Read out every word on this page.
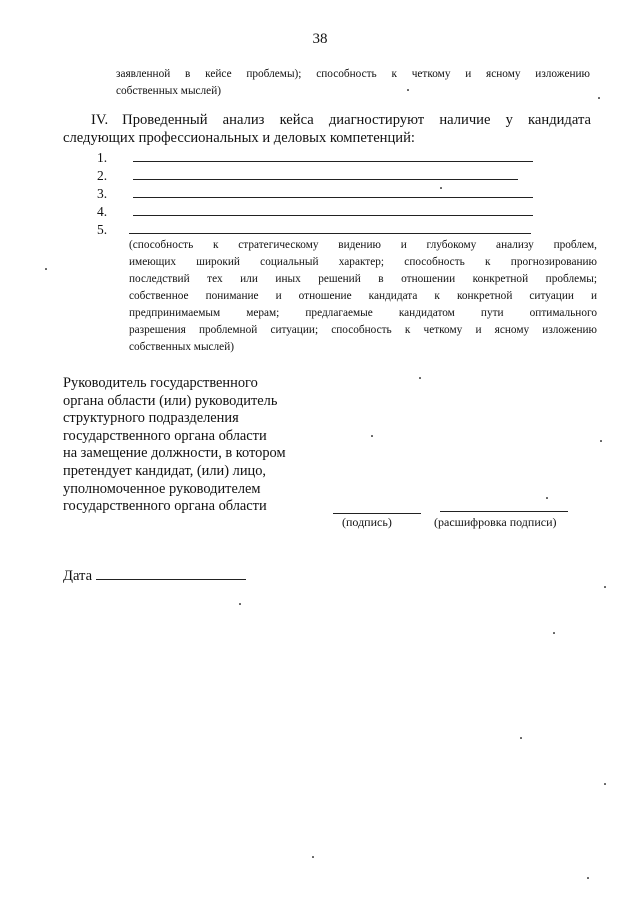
38

заявленной в кейсе проблемы); способность к четкому и ясному изложению

собственных мыслей)

IV. Проведенный анализ кейса диагностируют наличие у кандидата

следующих профессиональных и деловых компетенций:

1.
2.
3.
4.
5.

(способность к стратегическому видению и глубокому анализу проблем,

имеющих широкий социальный характер; способность к прогнозированию

последствий тех или иных решений в отношении конкретной проблемы;

собственное понимание и отношение кандидата к конкретной ситуации и

предпринимаемым мерам; предлагаемые кандидатом пути оптимального

разрешения проблемной ситуации; способность к четкому и ясному изложению

собственных мыслей)

Руководитель государственного
органа области (или) руководитель
структурного подразделения
государственного органа области
на замещение должности, в котором
претендует кандидат, (или) лицо,
уполномоченное руководителем
государственного органа области
(подпись)	(расшифровка подписи)
Дата
